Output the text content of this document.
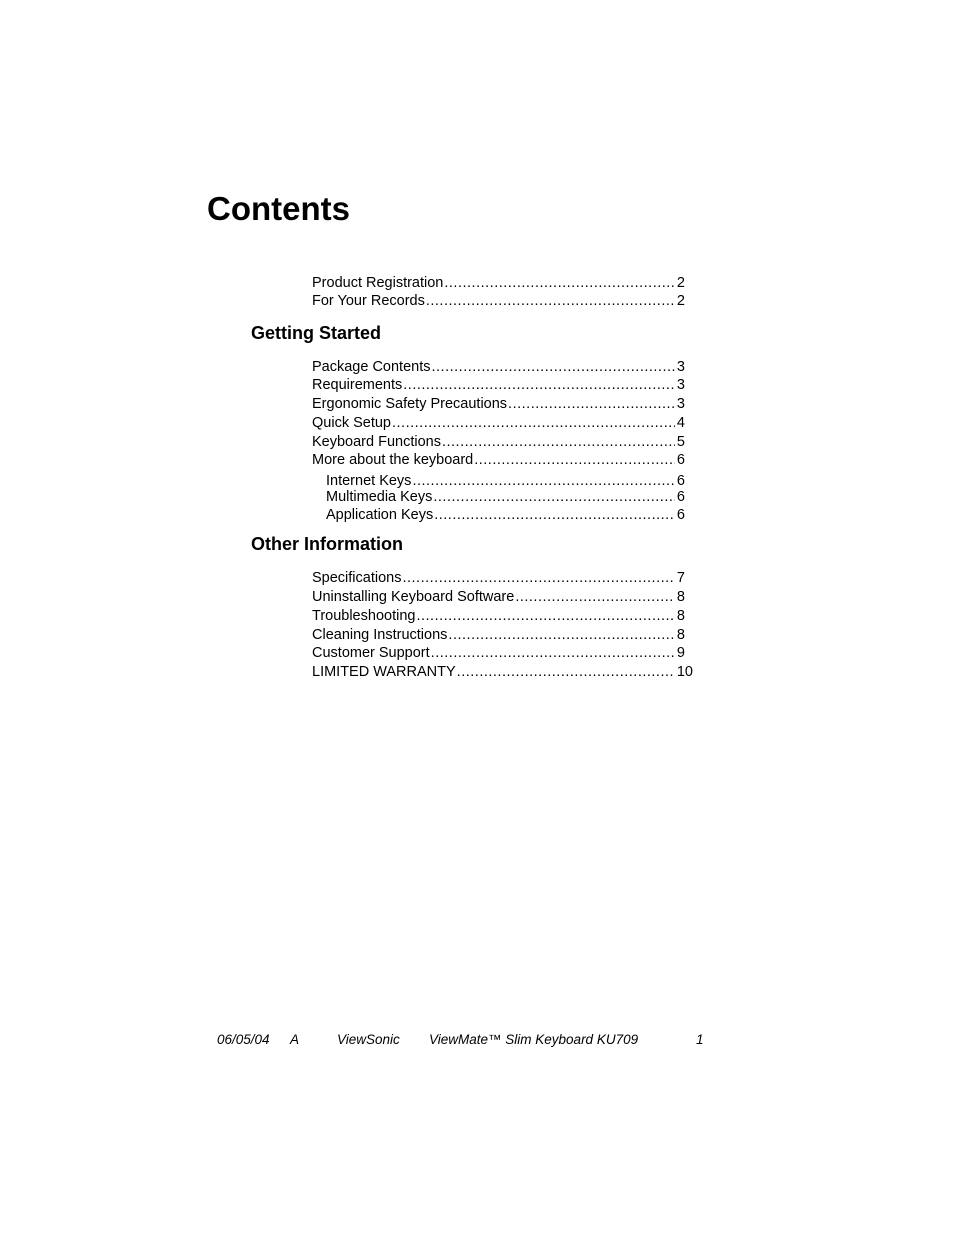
Contents
Product Registration .....	2
For Your Records .....	2
Getting Started
Package Contents .....	3
Requirements .....	3
Ergonomic Safety Precautions .....	3
Quick Setup .....	4
Keyboard Functions .....	5
More about the keyboard .....	6
Internet Keys .....	6
Multimedia Keys .....	6
Application Keys .....	6
Other Information
Specifications .....	7
Uninstalling Keyboard Software .....	8
Troubleshooting .....	8
Cleaning Instructions .....	8
Customer Support .....	9
LIMITED WARRANTY .....	10
06/05/04 A	ViewSonic ViewMate™ Slim Keyboard KU709	1
